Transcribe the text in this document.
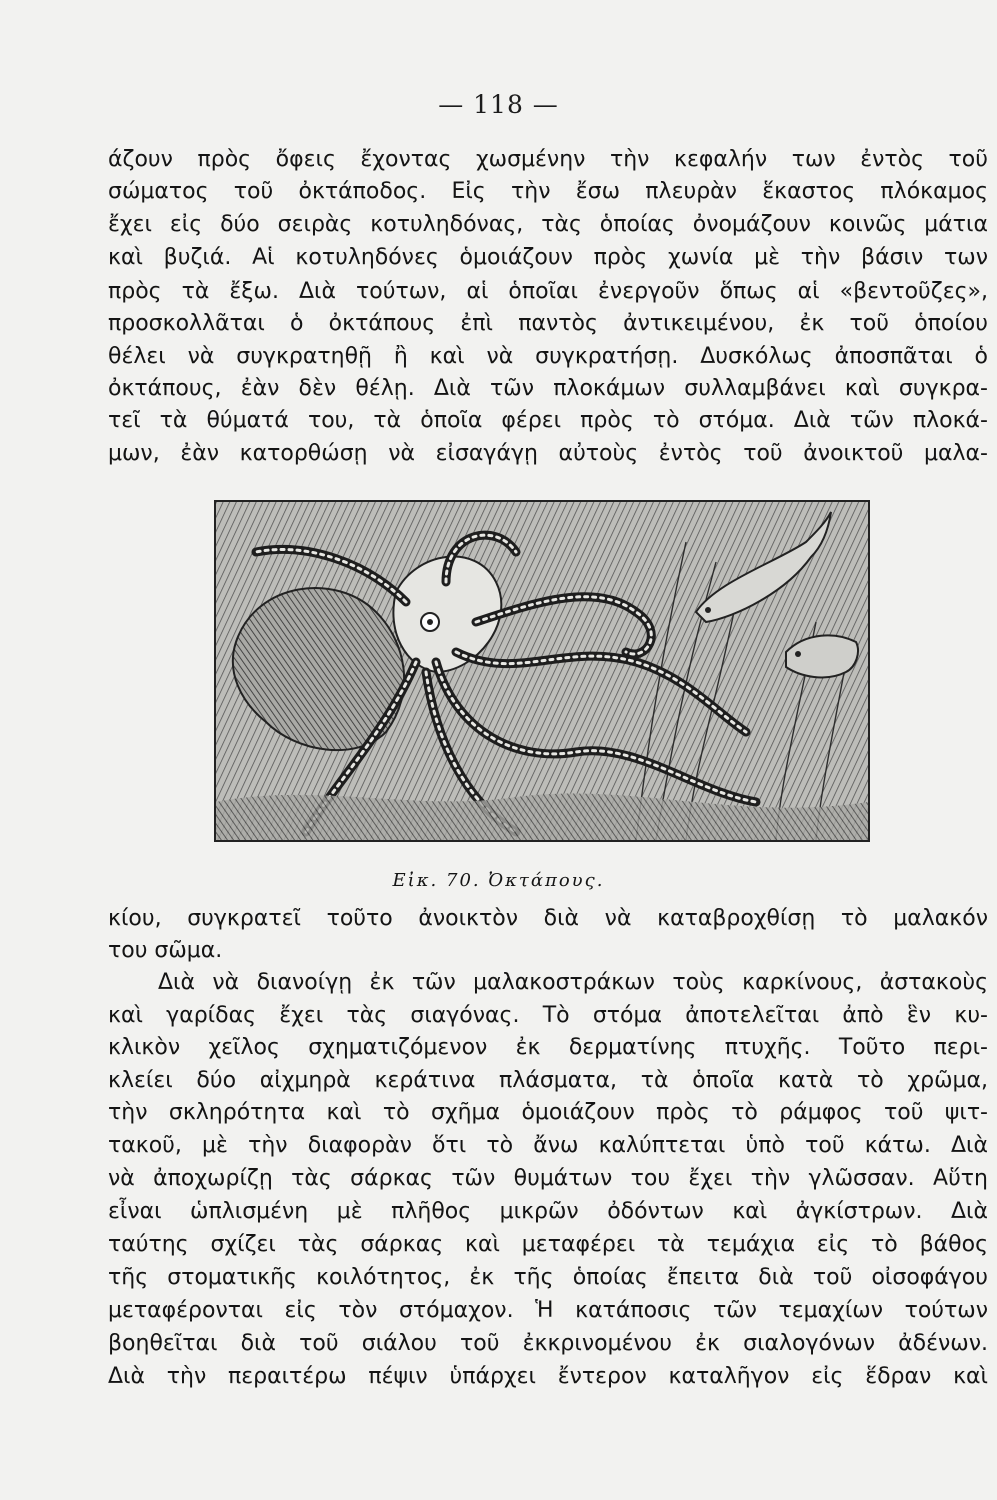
— 118 —
άζουν πρὸς ὄφεις ἔχοντας χωσμένην τὴν κεφαλήν των ἐντὸς τοῦ
σώματος τοῦ ὀκτάποδος. Εἰς τὴν ἔσω πλευρὰν ἕκαστος πλόκαμος
ἔχει εἰς δύο σειρὰς κοτυληδόνας, τὰς ὁποίας ὀνομάζουν κοινῶς μάτια
καὶ βυζιά. Αἱ κοτυληδόνες ὁμοιάζουν πρὸς χωνία μὲ τὴν βάσιν των
πρὸς τὰ ἔξω. Διὰ τούτων, αἱ ὁποῖαι ἐνεργοῦν ὅπως αἱ «βεντοῦζες»,
προσκολλᾶται ὁ ὀκτάπους ἐπὶ παντὸς ἀντικειμένου, ἐκ τοῦ ὁποίου
θέλει νὰ συγκρατηθῇ ἢ καὶ νὰ συγκρατήσῃ. Δυσκόλως ἀποσπᾶται ὁ
ὀκτάπους, ἐὰν δὲν θέλῃ. Διὰ τῶν πλοκάμων συλλαμβάνει καὶ συγκρα-
τεῖ τὰ θύματά του, τὰ ὁποῖα φέρει πρὸς τὸ στόμα. Διὰ τῶν πλοκά-
μων, ἐὰν κατορθώσῃ νὰ εἰσαγάγῃ αὐτοὺς ἐντὸς τοῦ ἀνοικτοῦ μαλα-
Εἰκ. 70. Ὀκτάπους.
κίου, συγκρατεῖ τοῦτο ἀνοικτὸν διὰ νὰ καταβροχθίσῃ τὸ μαλακόν
του σῶμα.
Διὰ νὰ διανοίγῃ ἐκ τῶν μαλακοστράκων τοὺς καρκίνους, ἀστακοὺς
καὶ γαρίδας ἔχει τὰς σιαγόνας. Τὸ στόμα ἀποτελεῖται ἀπὸ ἓν κυ-
κλικὸν χεῖλος σχηματιζόμενον ἐκ δερματίνης πτυχῆς. Τοῦτο περι-
κλείει δύο αἰχμηρὰ κεράτινα πλάσματα, τὰ ὁποῖα κατὰ τὸ χρῶμα,
τὴν σκληρότητα καὶ τὸ σχῆμα ὁμοιάζουν πρὸς τὸ ράμφος τοῦ ψιτ-
τακοῦ, μὲ τὴν διαφορὰν ὅτι τὸ ἄνω καλύπτεται ὑπὸ τοῦ κάτω. Διὰ
νὰ ἀποχωρίζῃ τὰς σάρκας τῶν θυμάτων του ἔχει τὴν γλῶσσαν. Αὕτη
εἶναι ὡπλισμένη μὲ πλῆθος μικρῶν ὀδόντων καὶ ἀγκίστρων. Διὰ
ταύτης σχίζει τὰς σάρκας καὶ μεταφέρει τὰ τεμάχια εἰς τὸ βάθος
τῆς στοματικῆς κοιλότητος, ἐκ τῆς ὁποίας ἔπειτα διὰ τοῦ οἰσοφάγου
μεταφέρονται εἰς τὸν στόμαχον. Ἡ κατάποσις τῶν τεμαχίων τούτων
βοηθεῖται διὰ τοῦ σιάλου τοῦ ἐκκρινομένου ἐκ σιαλογόνων ἀδένων.
Διὰ τὴν περαιτέρω πέψιν ὑπάρχει ἔντερον καταλῆγον εἰς ἕδραν καὶ
